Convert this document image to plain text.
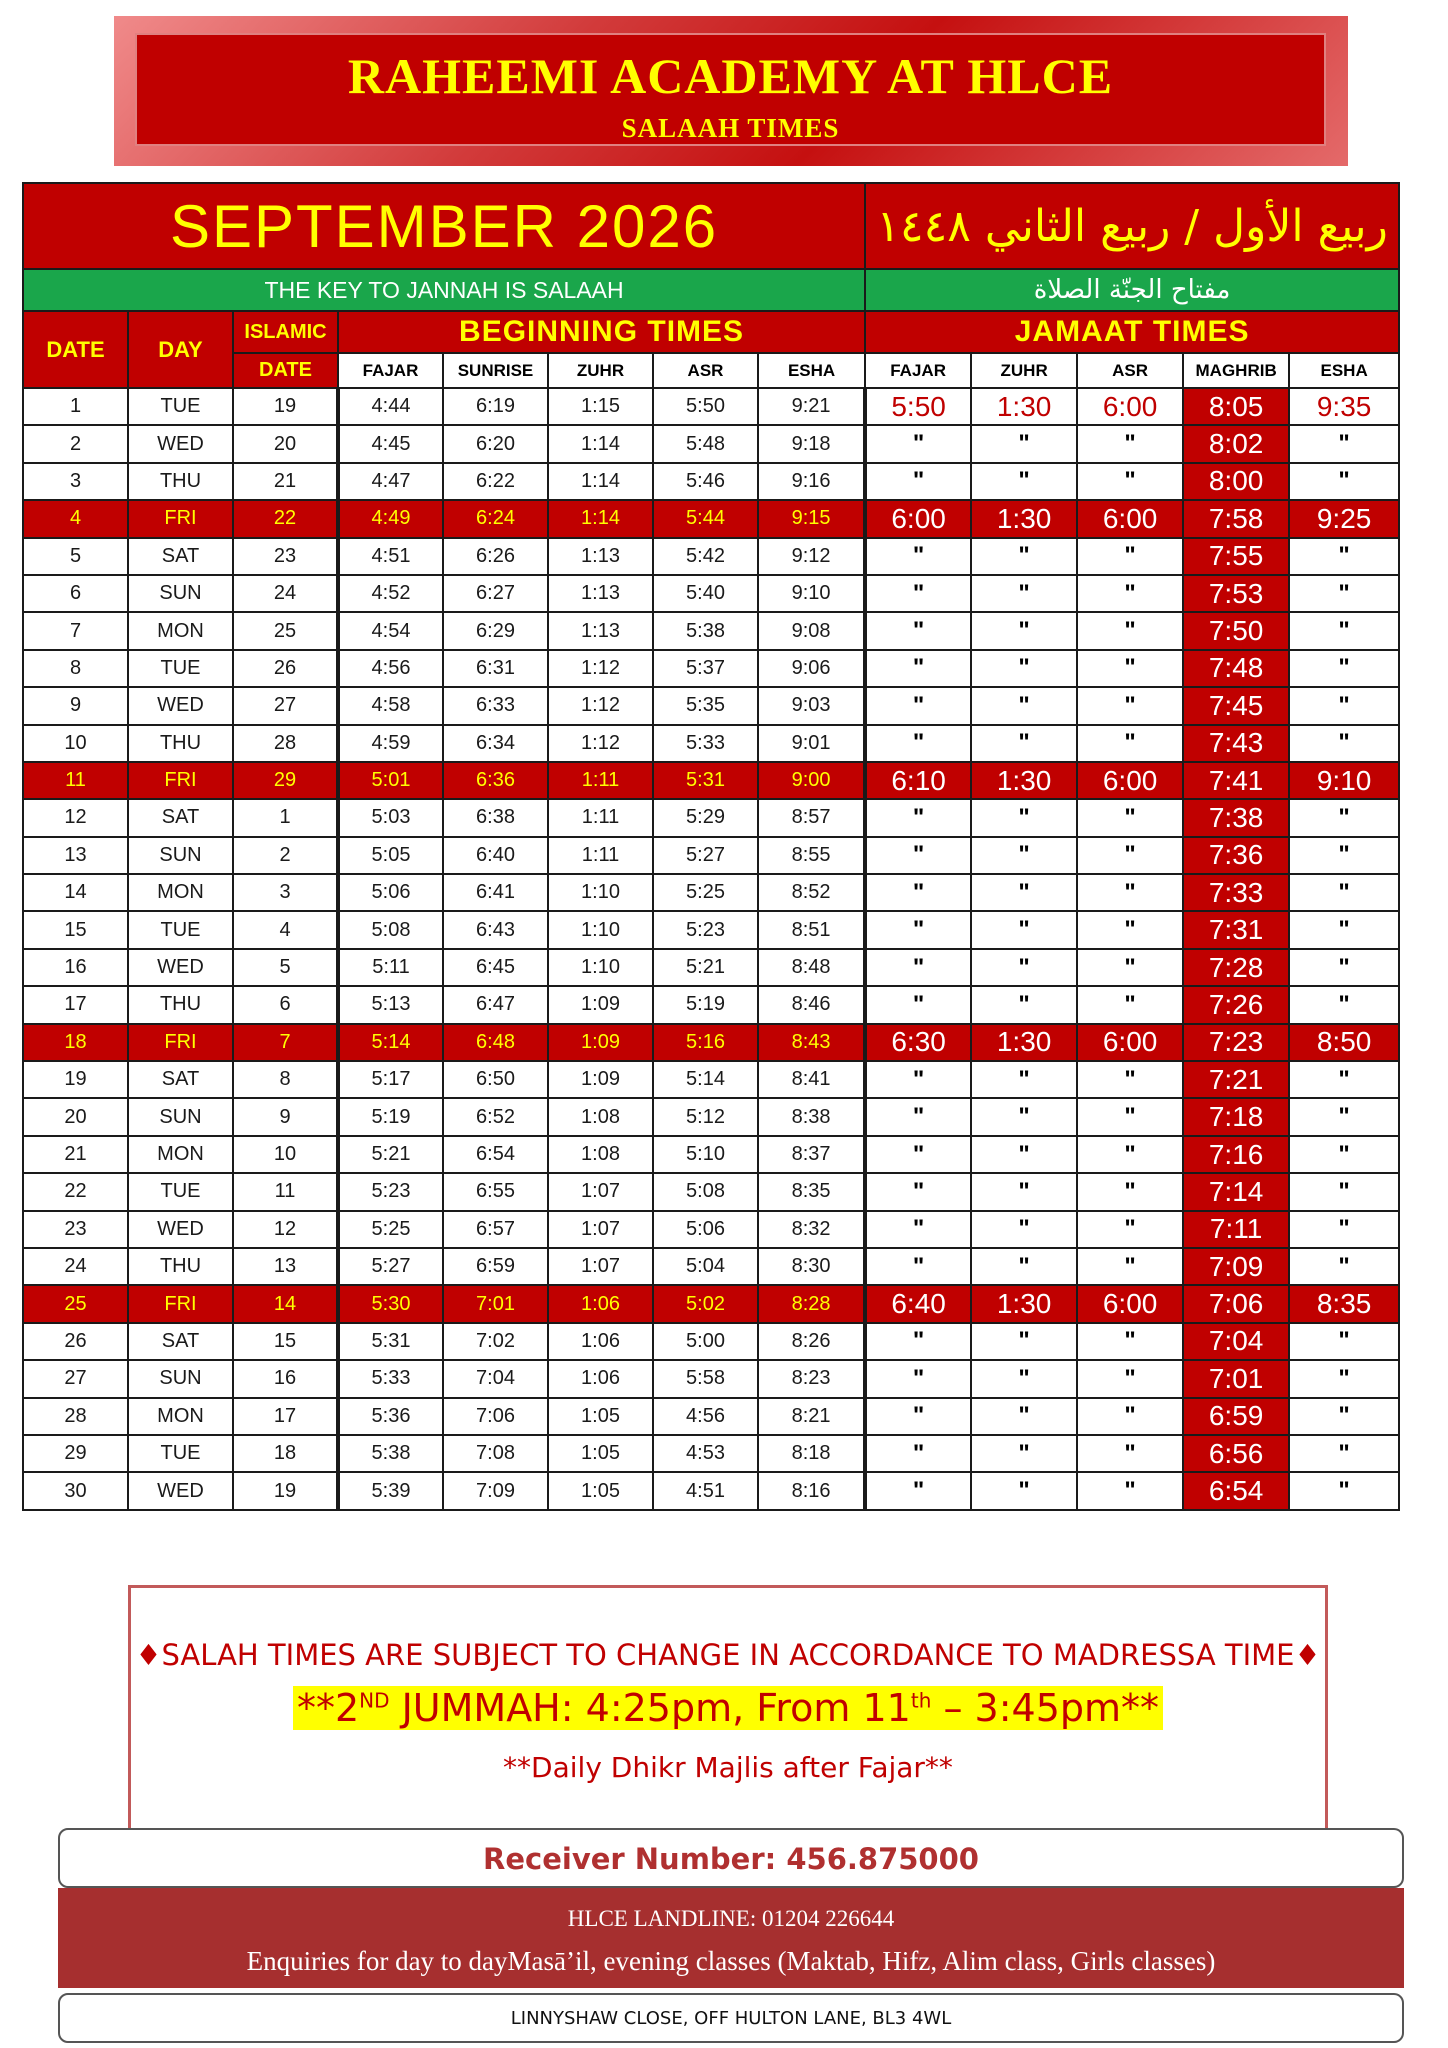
RAHEEMI ACADEMY AT HLCE
SALAAH TIMES
SEPTEMBER 2026								ربيع الأول / ربيع الثاني ١٤٤٨				
THE KEY TO JANNAH IS SALAAH								مفتاح الجنّة الصلاة				
DATE	DAY	ISLAMIC	BEGINNING TIMES					JAMAAT TIMES				
		DATE	FAJAR	SUNRISE	ZUHR	ASR	ESHA	FAJAR	ZUHR	ASR	MAGHRIB	ESHA
1	TUE	19	4:44	6:19	1:15	5:50	9:21	5:50	1:30	6:00	8:05	9:35
2	WED	20	4:45	6:20	1:14	5:48	9:18	"	"	"	8:02	"
3	THU	21	4:47	6:22	1:14	5:46	9:16	"	"	"	8:00	"
4	FRI	22	4:49	6:24	1:14	5:44	9:15	6:00	1:30	6:00	7:58	9:25
5	SAT	23	4:51	6:26	1:13	5:42	9:12	"	"	"	7:55	"
6	SUN	24	4:52	6:27	1:13	5:40	9:10	"	"	"	7:53	"
7	MON	25	4:54	6:29	1:13	5:38	9:08	"	"	"	7:50	"
8	TUE	26	4:56	6:31	1:12	5:37	9:06	"	"	"	7:48	"
9	WED	27	4:58	6:33	1:12	5:35	9:03	"	"	"	7:45	"
10	THU	28	4:59	6:34	1:12	5:33	9:01	"	"	"	7:43	"
11	FRI	29	5:01	6:36	1:11	5:31	9:00	6:10	1:30	6:00	7:41	9:10
12	SAT	1	5:03	6:38	1:11	5:29	8:57	"	"	"	7:38	"
13	SUN	2	5:05	6:40	1:11	5:27	8:55	"	"	"	7:36	"
14	MON	3	5:06	6:41	1:10	5:25	8:52	"	"	"	7:33	"
15	TUE	4	5:08	6:43	1:10	5:23	8:51	"	"	"	7:31	"
16	WED	5	5:11	6:45	1:10	5:21	8:48	"	"	"	7:28	"
17	THU	6	5:13	6:47	1:09	5:19	8:46	"	"	"	7:26	"
18	FRI	7	5:14	6:48	1:09	5:16	8:43	6:30	1:30	6:00	7:23	8:50
19	SAT	8	5:17	6:50	1:09	5:14	8:41	"	"	"	7:21	"
20	SUN	9	5:19	6:52	1:08	5:12	8:38	"	"	"	7:18	"
21	MON	10	5:21	6:54	1:08	5:10	8:37	"	"	"	7:16	"
22	TUE	11	5:23	6:55	1:07	5:08	8:35	"	"	"	7:14	"
23	WED	12	5:25	6:57	1:07	5:06	8:32	"	"	"	7:11	"
24	THU	13	5:27	6:59	1:07	5:04	8:30	"	"	"	7:09	"
25	FRI	14	5:30	7:01	1:06	5:02	8:28	6:40	1:30	6:00	7:06	8:35
26	SAT	15	5:31	7:02	1:06	5:00	8:26	"	"	"	7:04	"
27	SUN	16	5:33	7:04	1:06	5:58	8:23	"	"	"	7:01	"
28	MON	17	5:36	7:06	1:05	4:56	8:21	"	"	"	6:59	"
29	TUE	18	5:38	7:08	1:05	4:53	8:18	"	"	"	6:56	"
30	WED	19	5:39	7:09	1:05	4:51	8:16	"	"	"	6:54	"
♦SALAH TIMES ARE SUBJECT TO CHANGE IN ACCORDANCE TO MADRESSA TIME♦
**2ND JUMMAH: 4:25pm, From 11th – 3:45pm**
**Daily Dhikr Majlis after Fajar**
Receiver Number: 456.875000
HLCE LANDLINE: 01204 226644
Enquiries for day to dayMasā’il, evening classes (Maktab, Hifz, Alim class, Girls classes)
LINNYSHAW CLOSE, OFF HULTON LANE, BL3 4WL
